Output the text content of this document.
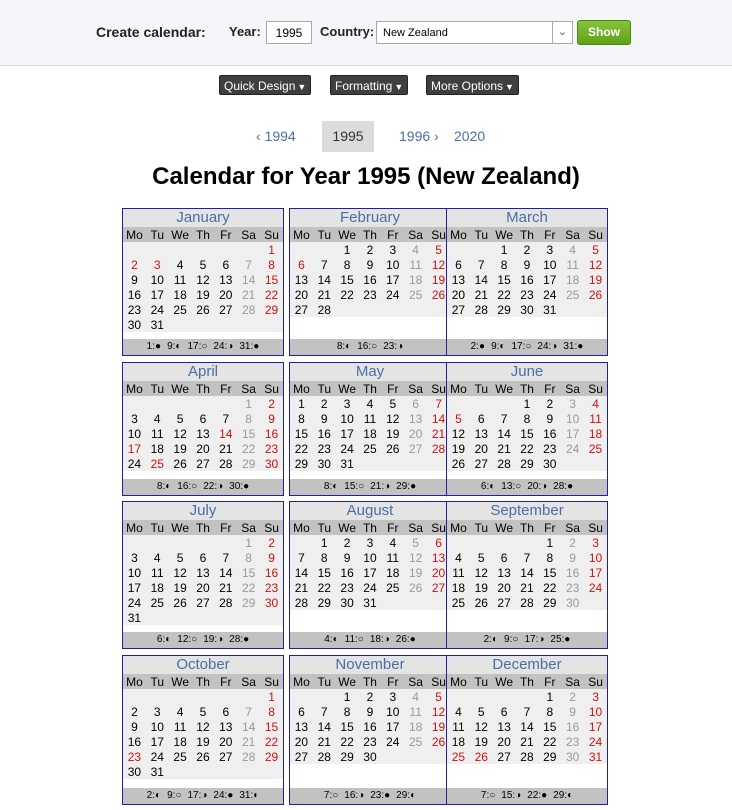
Create calendar: Year:
1995	Country: New Zealand	⌄	Show
Quick Design ▼	Formatting ▼	More Options ▼
‹ 1994	1995	1996 › 2020
Calendar for Year 1995 (New Zealand)
January
Mo	Tu	We	Th	Fr	Sa	Su
						1
2	3	4	5	6	7	8
9	10	11	12	13	14	15
16	17	18	19	20	21	22
23	24	25	26	27	28	29
30	31					
1:● 9:◐ 17:○ 24:◑ 31:●
February
Mo	Tu	We	Th	Fr	Sa	Su
		1	2	3	4	5
6	7	8	9	10	11	12
13	14	15	16	17	18	19
20	21	22	23	24	25	26
27	28					
8:◐ 16:○ 23:◑
March
Mo	Tu	We	Th	Fr	Sa	Su
		1	2	3	4	5
6	7	8	9	10	11	12
13	14	15	16	17	18	19
20	21	22	23	24	25	26
27	28	29	30	31		
2:● 9:◐ 17:○ 24:◑ 31:●
April
Mo	Tu	We	Th	Fr	Sa	Su
					1	2
3	4	5	6	7	8	9
10	11	12	13	14	15	16
17	18	19	20	21	22	23
24	25	26	27	28	29	30
8:◐ 16:○ 22:◑ 30:●
May
Mo	Tu	We	Th	Fr	Sa	Su
1	2	3	4	5	6	7
8	9	10	11	12	13	14
15	16	17	18	19	20	21
22	23	24	25	26	27	28
29	30	31				
8:◐ 15:○ 21:◑ 29:●
June
Mo	Tu	We	Th	Fr	Sa	Su
			1	2	3	4
5	6	7	8	9	10	11
12	13	14	15	16	17	18
19	20	21	22	23	24	25
26	27	28	29	30		
6:◐ 13:○ 20:◑ 28:●
July
Mo	Tu	We	Th	Fr	Sa	Su
					1	2
3	4	5	6	7	8	9
10	11	12	13	14	15	16
17	18	19	20	21	22	23
24	25	26	27	28	29	30
31						
6:◐ 12:○ 19:◑ 28:●
August
Mo	Tu	We	Th	Fr	Sa	Su
	1	2	3	4	5	6
7	8	9	10	11	12	13
14	15	16	17	18	19	20
21	22	23	24	25	26	27
28	29	30	31			
4:◐ 11:○ 18:◑ 26:●
September
Mo	Tu	We	Th	Fr	Sa	Su
				1	2	3
4	5	6	7	8	9	10
11	12	13	14	15	16	17
18	19	20	21	22	23	24
25	26	27	28	29	30	
2:◐ 9:○ 17:◑ 25:●
October
Mo	Tu	We	Th	Fr	Sa	Su
						1
2	3	4	5	6	7	8
9	10	11	12	13	14	15
16	17	18	19	20	21	22
23	24	25	26	27	28	29
30	31					
2:◐ 9:○ 17:◑ 24:● 31:◐
November
Mo	Tu	We	Th	Fr	Sa	Su
		1	2	3	4	5
6	7	8	9	10	11	12
13	14	15	16	17	18	19
20	21	22	23	24	25	26
27	28	29	30			
7:○ 16:◑ 23:● 29:◐
December
Mo	Tu	We	Th	Fr	Sa	Su
				1	2	3
4	5	6	7	8	9	10
11	12	13	14	15	16	17
18	19	20	21	22	23	24
25	26	27	28	29	30	31
7:○ 15:◑ 22:● 29:◐
